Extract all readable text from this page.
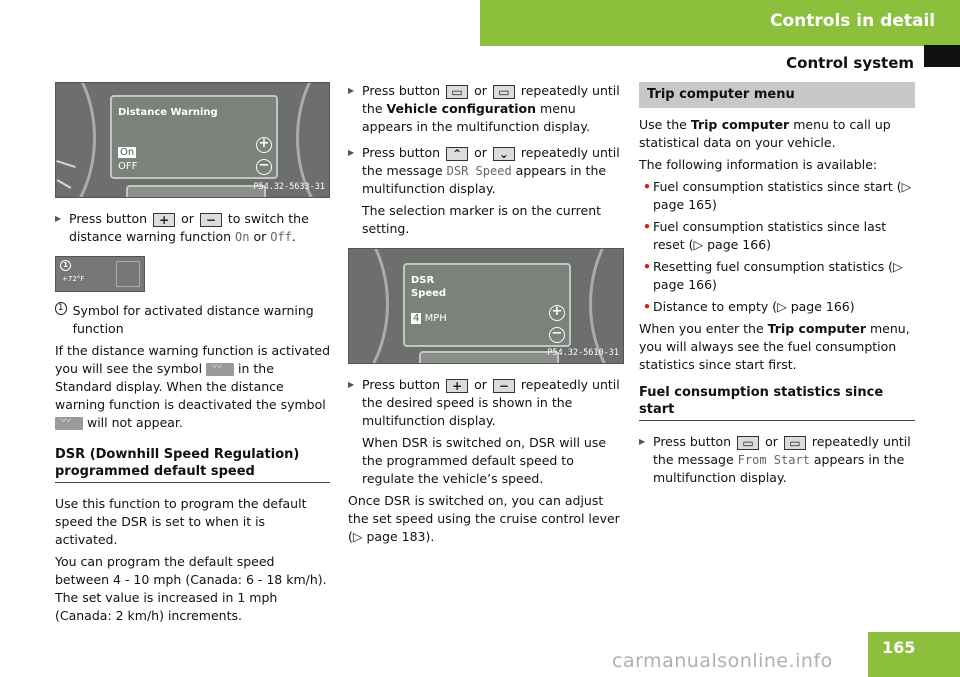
Controls in detail
Control system
Distance Warning
On
OFF
+
−
P54.32-5633-31
▶ Press button + or − to switch the distance warning function On or Off.
1
+72°F
1 Symbol for activated distance warning function
If the distance warning function is activated you will see the symbol 〰	in the Standard display. When the distance warning function is deactivated the symbol 〰 will not appear.
DSR (Downhill Speed Regulation) programmed default speed
Use this function to program the default speed the DSR is set to when it is activated.
You can program the default speed between 4 - 10 mph (Canada: 6 - 18 km/h). The set value is increased in 1 mph (Canada: 2 km/h) increments.
▶ Press button ▭ or ▭ repeatedly until the Vehicle configuration menu appears in the multifunction display.
▶ Press button ⌃ or ⌄ repeatedly until the message DSR Speed appears in the multifunction display.
The selection marker is on the current setting.
DSR
Speed
4 MPH	+
−
P54.32-5610-31
▶ Press button + or − repeatedly until the desired speed is shown in the multifunction display.
When DSR is switched on, DSR will use the programmed default speed to regulate the vehicle’s speed.
Once DSR is switched on, you can adjust the set speed using the cruise control lever (▷ page 183).
Trip computer menu
Use the Trip computer menu to call up statistical data on your vehicle.
The following information is available:
• Fuel consumption statistics since start (▷ page 165)
• Fuel consumption statistics since last reset (▷ page 166)
• Resetting fuel consumption statistics (▷ page 166)
• Distance to empty (▷ page 166)
When you enter the Trip computer menu, you will always see the fuel consumption statistics since start first.
Fuel consumption statistics since start
▶ Press button ▭ or ▭ repeatedly until the message From Start appears in the multifunction display.
165
carmanualsonline.info
